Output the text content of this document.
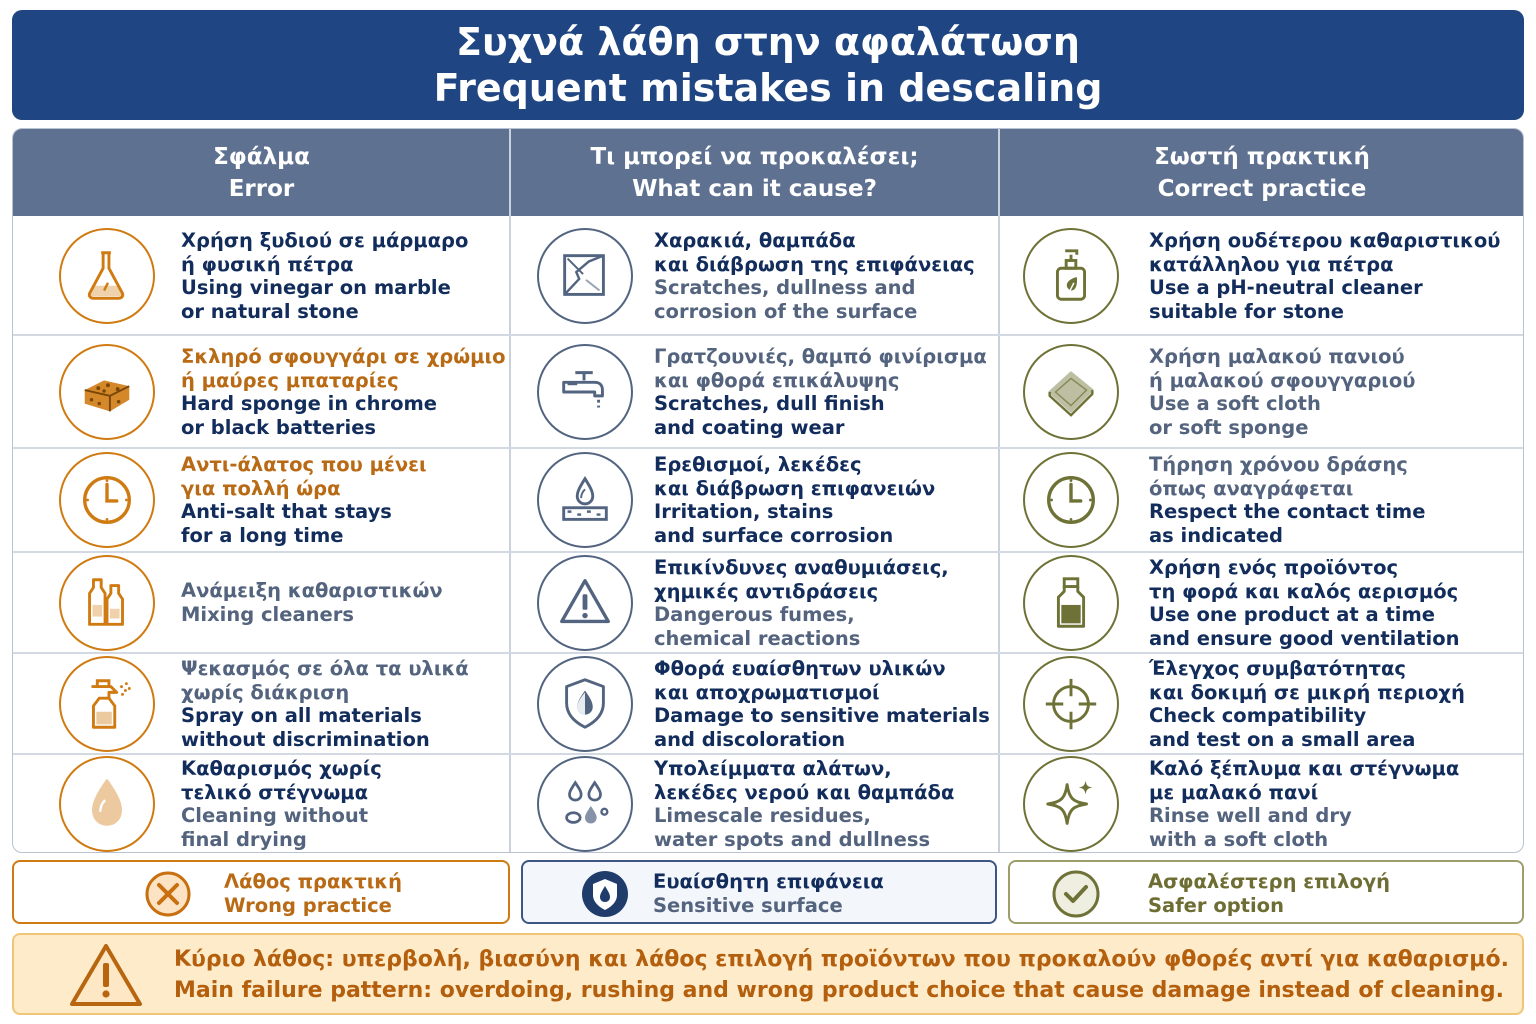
Συχνά λάθη στην αφαλάτωση
Frequent mistakes in descaling
Σφάλμα
Error
Τι μπορεί να προκαλέσει;
What can it cause?
Σωστή πρακτική
Correct practice
Χρήση ξυδιού σε μάρμαρο
ή φυσική πέτρα
Using vinegar on marble
or natural stone
Χαρακιά, θαμπάδα
και διάβρωση της επιφάνειας
Scratches, dullness and
corrosion of the surface
Χρήση ουδέτερου καθαριστικού
κατάλληλου για πέτρα
Use a pH-neutral cleaner
suitable for stone
Σκληρό σφουγγάρι σε χρώμιο
ή μαύρες μπαταρίες
Hard sponge in chrome
or black batteries
Γρατζουνιές, θαμπό φινίρισμα
και φθορά επικάλυψης
Scratches, dull finish
and coating wear
Χρήση μαλακού πανιού
ή μαλακού σφουγγαριού
Use a soft cloth
or soft sponge
Αντι-άλατος που μένει
για πολλή ώρα
Anti-salt that stays
for a long time
Ερεθισμοί, λεκέδες
και διάβρωση επιφανειών
Irritation, stains
and surface corrosion
Τήρηση χρόνου δράσης
όπως αναγράφεται
Respect the contact time
as indicated
Ανάμειξη καθαριστικών
Mixing cleaners
Επικίνδυνες αναθυμιάσεις,
χημικές αντιδράσεις
Dangerous fumes,
chemical reactions
Χρήση ενός προϊόντος
τη φορά και καλός αερισμός
Use one product at a time
and ensure good ventilation
Ψεκασμός σε όλα τα υλικά
χωρίς διάκριση
Spray on all materials
without discrimination
Φθορά ευαίσθητων υλικών
και αποχρωματισμοί
Damage to sensitive materials
and discoloration
Έλεγχος συμβατότητας
και δοκιμή σε μικρή περιοχή
Check compatibility
and test on a small area
Καθαρισμός χωρίς
τελικό στέγνωμα
Cleaning without
final drying
Υπολείμματα αλάτων,
λεκέδες νερού και θαμπάδα
Limescale residues,
water spots and dullness
Καλό ξέπλυμα και στέγνωμα
με μαλακό πανί
Rinse well and dry
with a soft cloth
Λάθος πρακτική
Wrong practice
Ευαίσθητη επιφάνεια
Sensitive surface
Ασφαλέστερη επιλογή
Safer option
Κύριο λάθος: υπερβολή, βιασύνη και λάθος επιλογή προϊόντων που προκαλούν φθορές αντί για καθαρισμό.
Main failure pattern: overdoing, rushing and wrong product choice that cause damage instead of cleaning.
